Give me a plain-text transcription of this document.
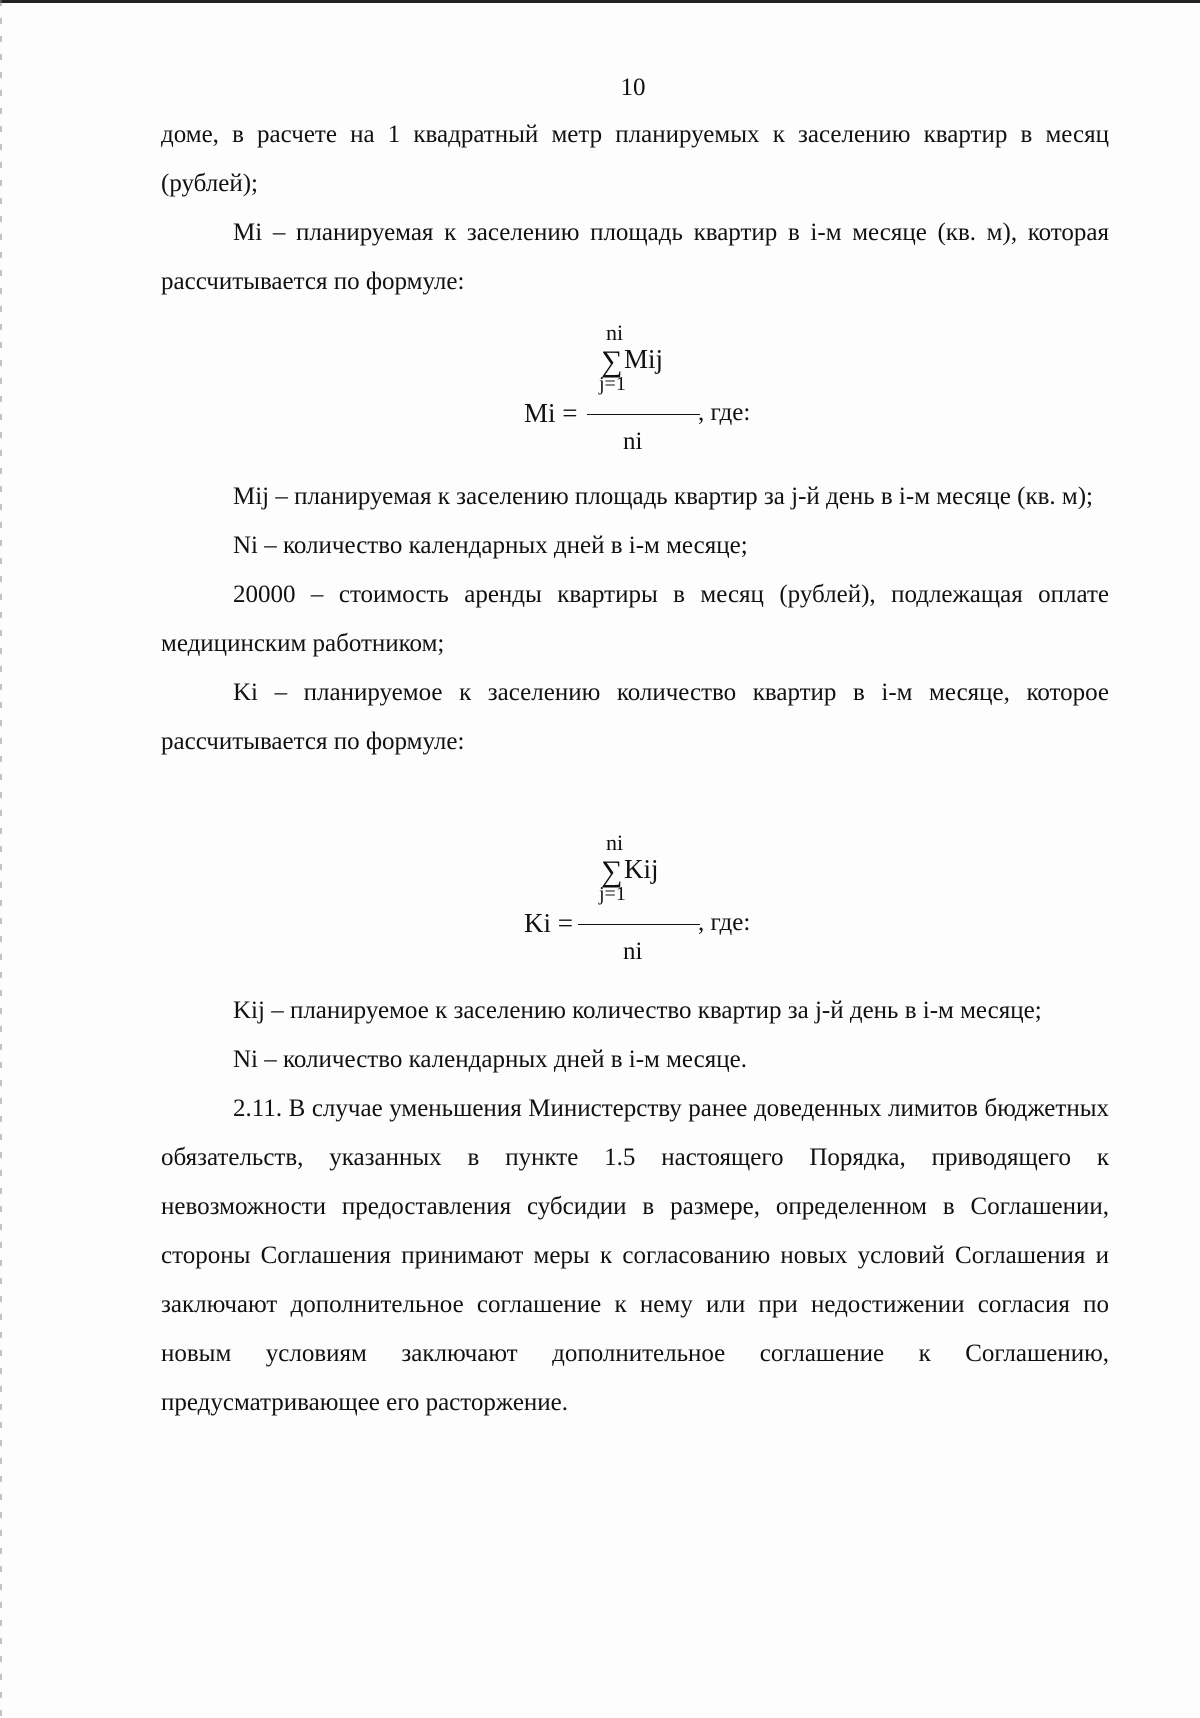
10

доме, в расчете на 1 квадратный метр планируемых к заселению квартир в месяц (рублей);

Mi – планируемая к заселению площадь квартир в i-м месяце (кв. м), которая рассчитывается по формуле:

ni
∑ Mij
j=1
Mi =	, где:
ni

Mij – планируемая к заселению площадь квартир за j-й день в i-м месяце (кв. м);

Ni – количество календарных дней в i-м месяце;

20000 – стоимость аренды квартиры в месяц (рублей), подлежащая оплате медицинским работником;

Ki – планируемое к заселению количество квартир в i-м месяце, которое рассчитывается по формуле:

ni
∑ Kij
j=1
Ki =	, где:
ni

Kij – планируемое к заселению количество квартир за j-й день в i-м месяце;

Ni – количество календарных дней в i-м месяце.

2.11. В случае уменьшения Министерству ранее доведенных лимитов бюджетных обязательств, указанных в пункте 1.5 настоящего Порядка, приводящего к невозможности предоставления субсидии в размере, определенном в Соглашении, стороны Соглашения принимают меры к согласованию новых условий Соглашения и заключают дополнительное соглашение к нему или при недостижении согласия по новым условиям заключают дополнительное соглашение к Соглашению, предусматривающее его расторжение.
